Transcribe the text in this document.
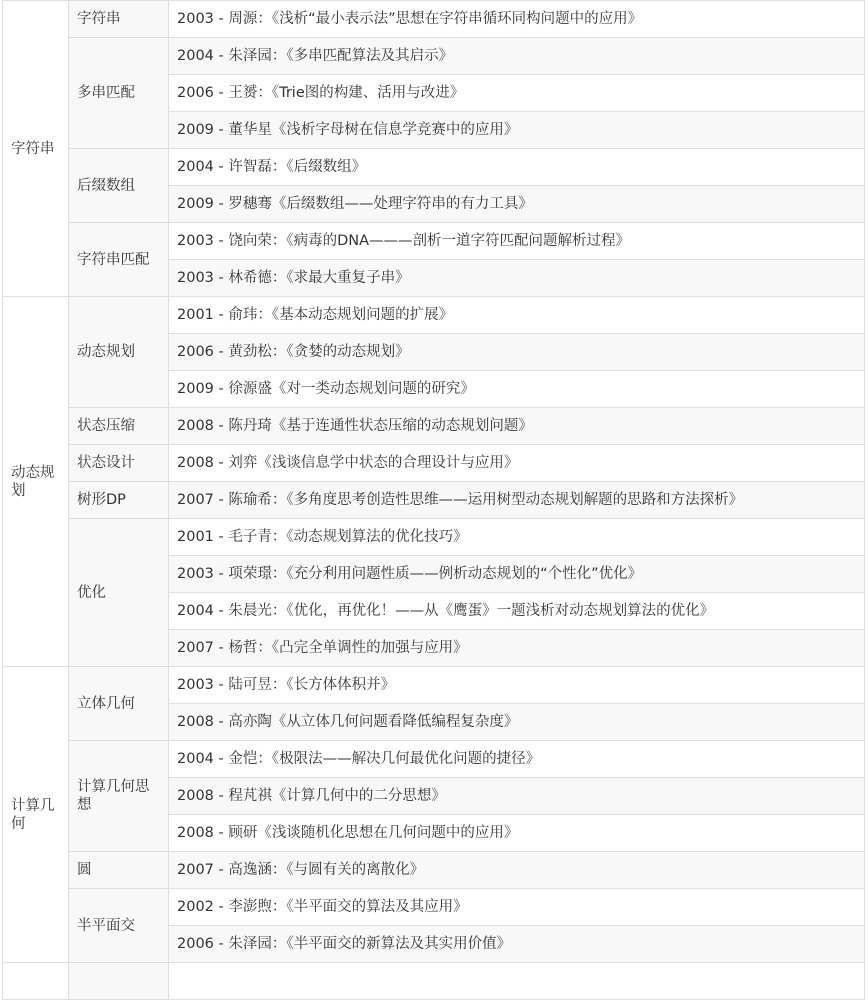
字符串	字符串	2003 - 周源：《浅析“最小表示法”思想在字符串循环同构问题中的应用》
	多串匹配	2004 - 朱泽园：《多串匹配算法及其启示》
		2006 - 王赟：《Trie图的构建、活用与改进》
		2009 - 董华星《浅析字母树在信息学竞赛中的应用》
	后缀数组	2004 - 许智磊：《后缀数组》
		2009 - 罗穗骞《后缀数组——处理字符串的有力工具》
	字符串匹配	2003 - 饶向荣：《病毒的DNA———剖析一道字符匹配问题解析过程》
		2003 - 林希德：《求最大重复子串》
动态规划	动态规划	2001 - 俞玮：《基本动态规划问题的扩展》
		2006 - 黄劲松：《贪婪的动态规划》
		2009 - 徐源盛《对一类动态规划问题的研究》
	状态压缩	2008 - 陈丹琦《基于连通性状态压缩的动态规划问题》
	状态设计	2008 - 刘弈《浅谈信息学中状态的合理设计与应用》
	树形DP	2007 - 陈瑜希：《多角度思考创造性思维——运用树型动态规划解题的思路和方法探析》
	优化	2001 - 毛子青：《动态规划算法的优化技巧》
		2003 - 项荣璟：《充分利用问题性质——例析动态规划的“个性化”优化》
		2004 - 朱晨光：《优化，再优化！——从《鹰蛋》一题浅析对动态规划算法的优化》
		2007 - 杨哲：《凸完全单调性的加强与应用》
计算几何	立体几何	2003 - 陆可昱：《长方体体积并》
		2008 - 高亦陶《从立体几何问题看降低编程复杂度》
	计算几何思想	2004 - 金恺：《极限法——解决几何最优化问题的捷径》
		2008 - 程芃祺《计算几何中的二分思想》
		2008 - 顾研《浅谈随机化思想在几何问题中的应用》
	圆	2007 - 高逸涵：《与圆有关的离散化》
	半平面交	2002 - 李澎煦：《半平面交的算法及其应用》
		2006 - 朱泽园：《半平面交的新算法及其实用价值》
